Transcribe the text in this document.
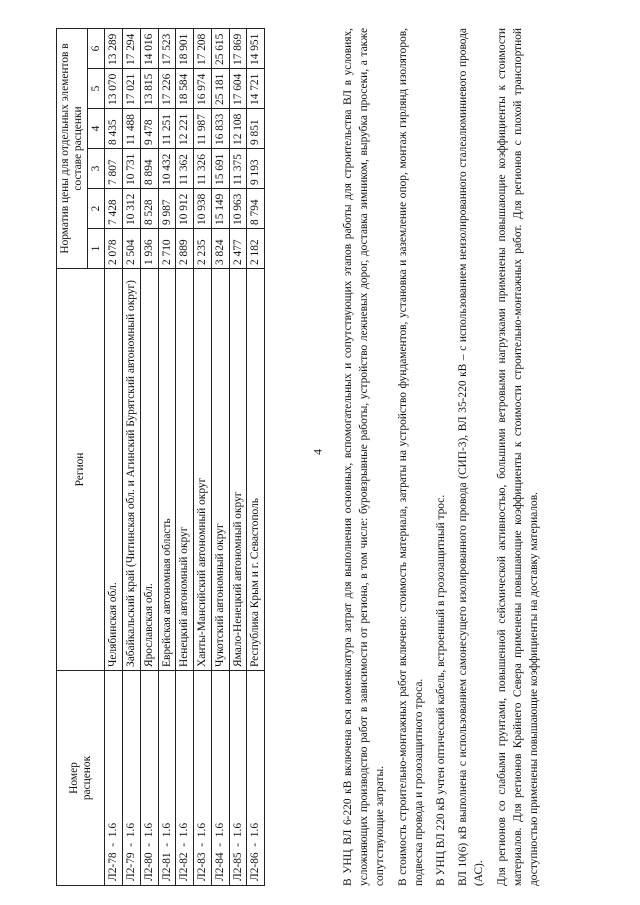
4
Номер
расценок	Регион	Норматив цены для отдельных элементов в составе расценки					
		1	2	3	4	5	6
Л2-78  -  1.6	Челябинская обл.	2 078	7 428	7 807	8 435	13 070	13 289
Л2-79  -  1.6	Забайкальский край (Читинская обл. и Агинский Бурятский автономный округ)	2 504	10 312	10 731	11 488	17 021	17 294
Л2-80  -  1.6	Ярославская обл.	1 936	8 528	8 894	9 478	13 815	14 016
Л2-81  -  1.6	Еврейская автономная область	2 710	9 987	10 432	11 251	17 226	17 523
Л2-82  -  1.6	Ненецкий автономный округ	2 889	10 912	11 362	12 221	18 584	18 901
Л2-83  -  1.6	Ханты-Мансийский автономный округ	2 235	10 938	11 326	11 987	16 974	17 208
Л2-84  -  1.6	Чукотский автономный округ	3 824	15 149	15 691	16 833	25 181	25 615
Л2-85  -  1.6	Ямало-Ненецкий автономный округ	2 477	10 963	11 375	12 108	17 604	17 869
Л2-86  -  1.6	Республика Крым и г. Севастополь	2 182	8 794	9 193	9 851	14 721	14 951	В УНЦ ВЛ 6-220 кВ включена вся номенклатура затрат для выполнения основных, вспомогательных и сопутствующих этапов работы для строительства ВЛ в условиях, усложняющих производство работ в зависимости от региона, в том числе: буровзрывные работы, устройство лежневых дорог, доставка зимником, вырубка просеки, а также сопутствующие затраты. В стоимость строительно-монтажных работ включено: стоимость материала, затраты на устройство фундаментов, установка и заземление опор, монтаж гирлянд изоляторов, подвеска провода и грозозащитного троса. В УНЦ ВЛ 220 кВ учтен оптический кабель, встроенный в грозозащитный трос. ВЛ 10(6) кВ выполнена с использованием самонесущего изолированного провода (СИП-3), ВЛ 35-220 кВ – с использованием неизолированного сталеалюминиевого провода (АС). Для регионов со слабыми грунтами, повышенной сейсмической активностью, большими ветровыми нагрузками применены повышающие коэффициенты к стоимости материалов. Для регионов Крайнего Севера применены повышающие коэффициенты к стоимости строительно-монтажных работ. Для регионов с плохой транспортной доступностью применены повышающие коэффициенты на доставку материалов.
